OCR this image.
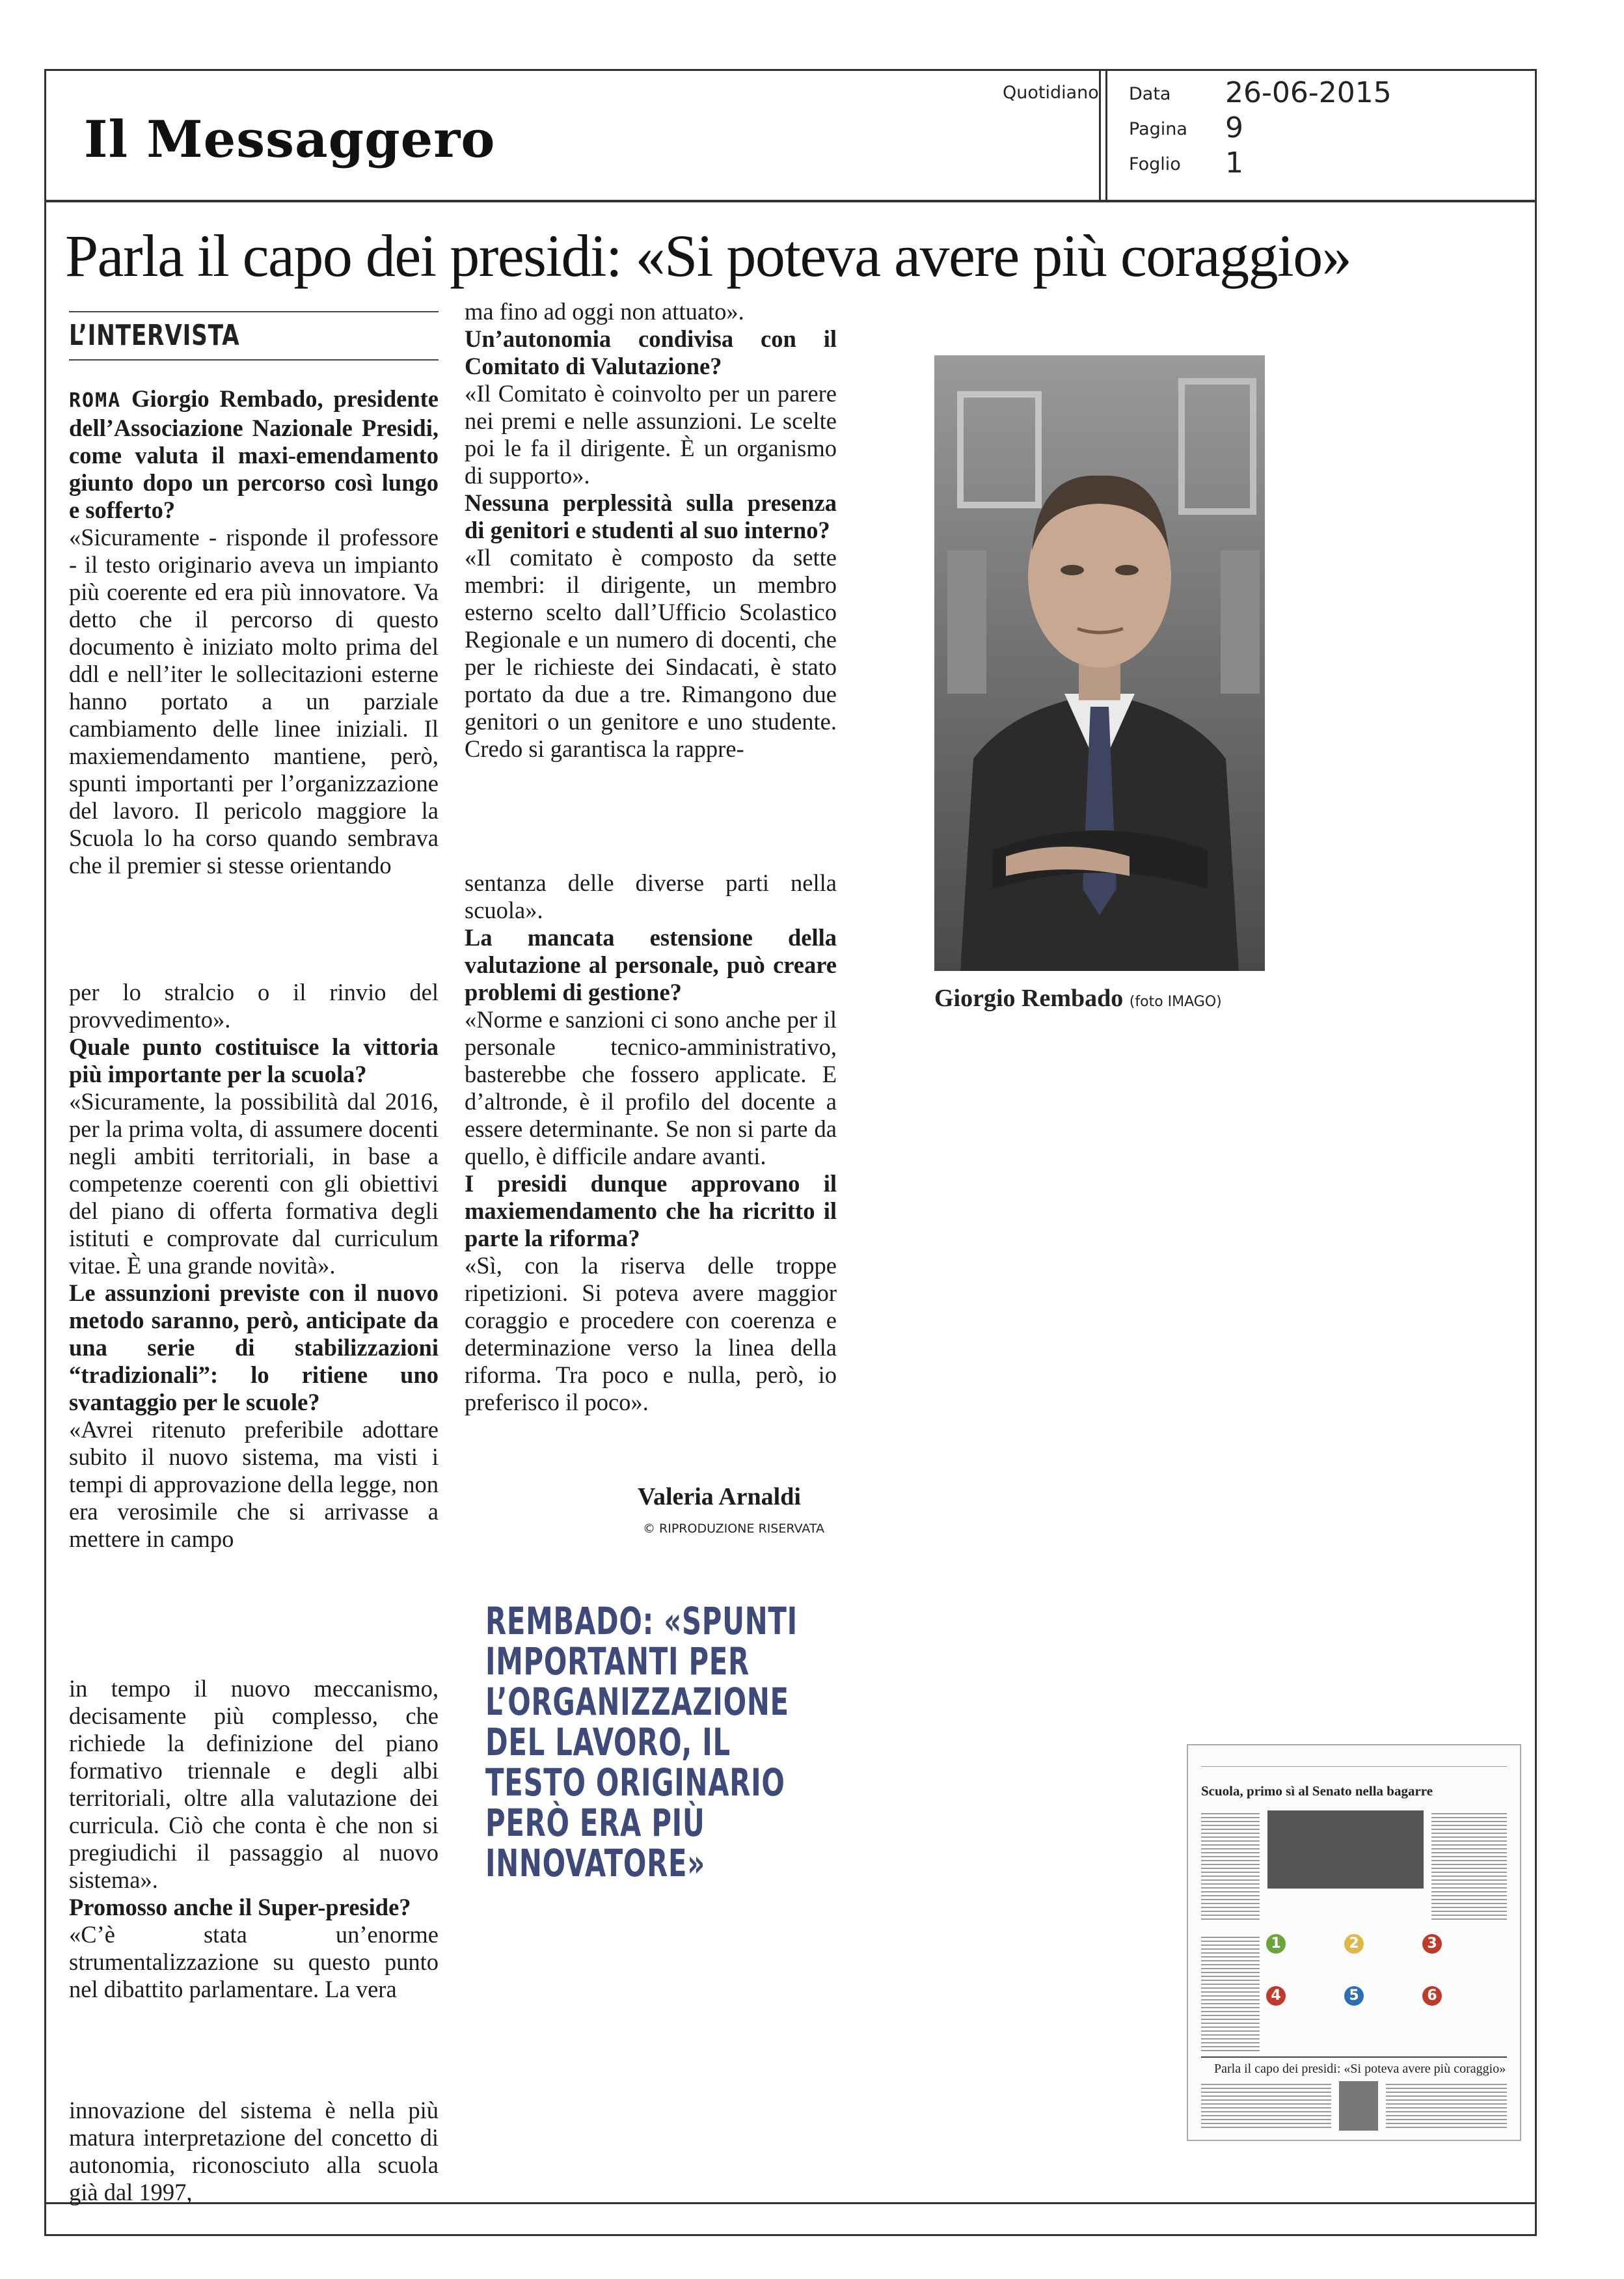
Il Messaggero
Quotidiano Data 26-06-2015
Pagina 9
Foglio 1
Parla il capo dei presidi: «Si poteva avere più coraggio»
L’INTERVISTA

ROMA Giorgio Rembado, presidente dell’Associazione Nazionale Presidi, come valuta il maxi-emendamento giunto dopo un percorso così lungo e sofferto?

«Sicuramente - risponde il professore - il testo originario aveva un impianto più coerente ed era più innovatore. Va detto che il percorso di questo documento è iniziato molto prima del ddl e nell’iter le sollecitazioni esterne hanno portato a un parziale cambiamento delle linee iniziali. Il maxiemendamento mantiene, però, spunti importanti per l’organizzazione del lavoro. Il pericolo maggiore la Scuola lo ha corso quando sembrava che il premier si stesse orientando

per lo stralcio o il rinvio del provvedimento».

Quale punto costituisce la vittoria più importante per la scuola?

«Sicuramente, la possibilità dal 2016, per la prima volta, di assumere docenti negli ambiti territoriali, in base a competenze coerenti con gli obiettivi del piano di offerta formativa degli istituti e comprovate dal curriculum vitae. È una grande novità».

Le assunzioni previste con il nuovo metodo saranno, però, anticipate da una serie di stabilizzazioni “tradizionali”: lo ritiene uno svantaggio per le scuole?

«Avrei ritenuto preferibile adottare subito il nuovo sistema, ma visti i tempi di approvazione della legge, non era verosimile che si arrivasse a mettere in campo

in tempo il nuovo meccanismo, decisamente più complesso, che richiede la definizione del piano formativo triennale e degli albi territoriali, oltre alla valutazione dei curricula. Ciò che conta è che non si pregiudichi il passaggio al nuovo sistema».

Promosso anche il Super-preside?

«C’è stata un’enorme strumentalizzazione su questo punto nel dibattito parlamentare. La vera

innovazione del sistema è nella più matura interpretazione del concetto di autonomia, riconosciuto alla scuola già dal 1997,

ma fino ad oggi non attuato».

Un’autonomia condivisa con il Comitato di Valutazione?

«Il Comitato è coinvolto per un parere nei premi e nelle assunzioni. Le scelte poi le fa il dirigente. È un organismo di supporto».

Nessuna perplessità sulla presenza di genitori e studenti al suo interno?

«Il comitato è composto da sette membri: il dirigente, un membro esterno scelto dall’Ufficio Scolastico Regionale e un numero di docenti, che per le richieste dei Sindacati, è stato portato da due a tre. Rimangono due genitori o un genitore e uno studente. Credo si garantisca la rappre-

sentanza delle diverse parti nella scuola».

La mancata estensione della valutazione al personale, può creare problemi di gestione?

«Norme e sanzioni ci sono anche per il personale tecnico-amministrativo, basterebbe che fossero applicate. E d’altronde, è il profilo del docente a essere determinante. Se non si parte da quello, è difficile andare avanti.

I presidi dunque approvano il maxiemendamento che ha ricritto il parte la riforma?

«Sì, con la riserva delle troppe ripetizioni. Si poteva avere maggior coraggio e procedere con coerenza e determinazione verso la linea della riforma. Tra poco e nulla, però, io preferisco il poco».

Valeria Arnaldi
© RIPRODUZIONE RISERVATA
Giorgio Rembado (foto IMAGO)
REMBADO: «SPUNTI IMPORTANTI PER L’ORGANIZZAZIONE DEL LAVORO, IL TESTO ORIGINARIO PERÒ ERA PIÙ INNOVATORE»
Scuola, primo sì al Senato nella bagarre
1	2	3
4	5	6
Parla il capo dei presidi: «Si poteva avere più coraggio»
